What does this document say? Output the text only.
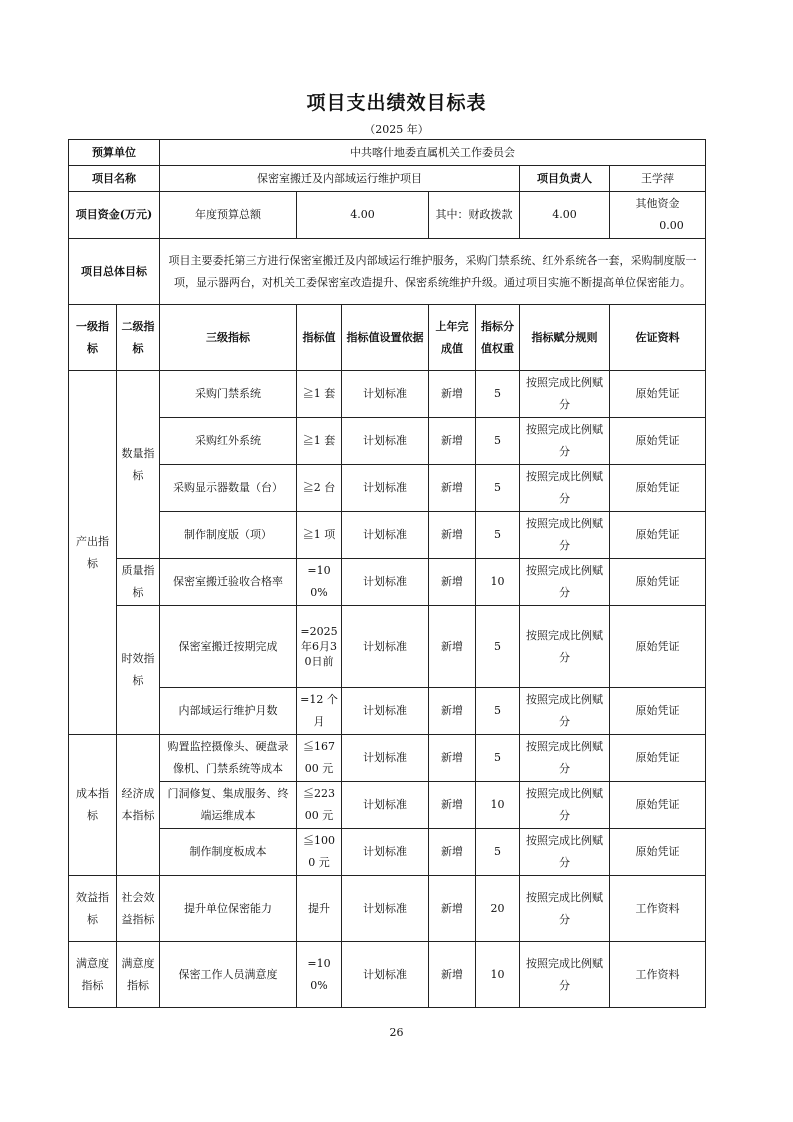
项目支出绩效目标表
（2025 年）
预算单位		中共喀什地委直属机关工作委员会						
项目名称		保密室搬迁及内部域运行维护项目					项目负责人	王学萍
项目资金(万元)		年度预算总额	4.00		其中：财政拨款		4.00	其他资金 0.00
项目总体目标		项目主要委托第三方进行保密室搬迁及内部域运行维护服务，采购门禁系统、红外系统各一套，采购制度版一项，显示器两台，对机关工委保密室改造提升、保密系统维护升级。通过项目实施不断提高单位保密能力。						
一级指标	二级指标	三级指标	指标值	指标值设置依据	上年完成值	指标分值权重	指标赋分规则	佐证资料
产出指标	数量指标	采购门禁系统	≧1 套	计划标准	新增	5	按照完成比例赋分	原始凭证
		采购红外系统	≧1 套	计划标准	新增	5	按照完成比例赋分	原始凭证
		采购显示器数量（台）	≧2 台	计划标准	新增	5	按照完成比例赋分	原始凭证
		制作制度版（项）	≧1 项	计划标准	新增	5	按照完成比例赋分	原始凭证
	质量指标	保密室搬迁验收合格率	=100%	计划标准	新增	10	按照完成比例赋分	原始凭证
	时效指标	保密室搬迁按期完成	=2025年6月30日前	计划标准	新增	5	按照完成比例赋分	原始凭证
		内部域运行维护月数	=12 个月	计划标准	新增	5	按照完成比例赋分	原始凭证
成本指标	经济成本指标	购置监控摄像头、硬盘录像机、门禁系统等成本	≦16700 元	计划标准	新增	5	按照完成比例赋分	原始凭证
		门洞修复、集成服务、终端运维成本	≦22300 元	计划标准	新增	10	按照完成比例赋分	原始凭证
		制作制度板成本	≦1000 元	计划标准	新增	5	按照完成比例赋分	原始凭证
效益指标	社会效益指标	提升单位保密能力	提升	计划标准	新增	20	按照完成比例赋分	工作资料
满意度指标	满意度指标	保密工作人员满意度	=100%	计划标准	新增	10	按照完成比例赋分	工作资料
26
